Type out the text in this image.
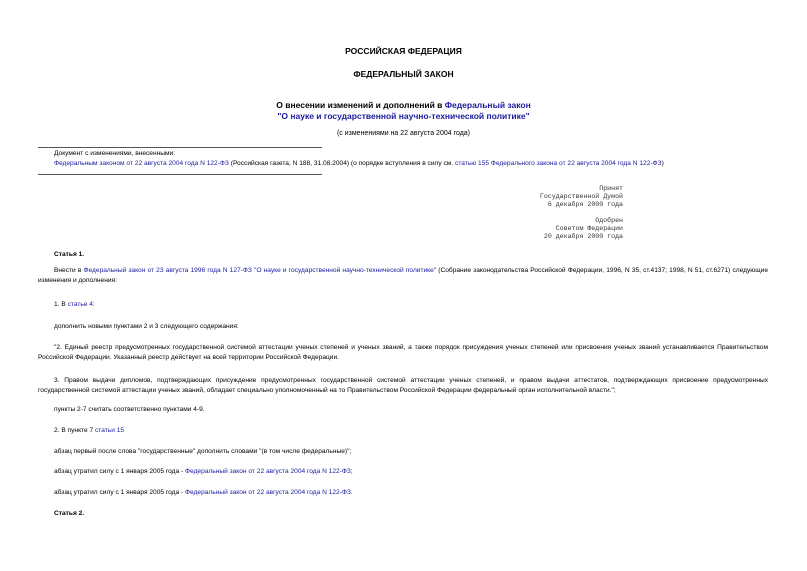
РОССИЙСКАЯ ФЕДЕРАЦИЯ
ФЕДЕРАЛЬНЫЙ ЗАКОН
О внесении изменений и дополнений в Федеральный закон
"О науке и государственной научно-технической политике"
(с изменениями на 22 августа 2004 года)
Документ с изменениями, внесенными:
Федеральным законом от 22 августа 2004 года N 122-ФЗ (Российская газета, N 188, 31.08.2004) (о порядке вступления в силу см. статью 155 Федерального закона от 22 августа 2004 года N 122-ФЗ)
Принят
Государственной Думой
6 декабря 2000 года
Одобрен
Советом Федерации
20 декабря 2000 года
Статья 1.
Внести в Федеральный закон от 23 августа 1996 года N 127-ФЗ "О науке и государственной научно-технической политике" (Собрание законодательства Российской Федерации, 1996, N 35, ст.4137; 1998, N 51, ст.6271) следующие изменения и дополнения:
1. В статье 4:
дополнить новыми пунктами 2 и 3 следующего содержания:
"2. Единый реестр предусмотренных государственной системой аттестации ученых степеней и ученых званий, а также порядок присуждения ученых степеней или присвоения ученых званий устанавливается Правительством Российской Федерации. Указанный реестр действует на всей территории Российской Федерации.
3. Правом выдачи дипломов, подтверждающих присуждение предусмотренных государственной системой аттестации ученых степеней, и правом выдачи аттестатов, подтверждающих присвоение предусмотренных государственной системой аттестации ученых званий, обладает специально уполномоченный на то Правительством Российской Федерации федеральный орган исполнительной власти.";
пункты 2-7 считать соответственно пунктами 4-9.
2. В пункте 7 статьи 15
абзац первый после слова "государственные" дополнить словами "(в том числе федеральные)";
абзац утратил силу с 1 января 2005 года - Федеральный закон от 22 августа 2004 года N 122-ФЗ;
абзац утратил силу с 1 января 2005 года - Федеральный закон от 22 августа 2004 года N 122-ФЗ.
Статья 2.
